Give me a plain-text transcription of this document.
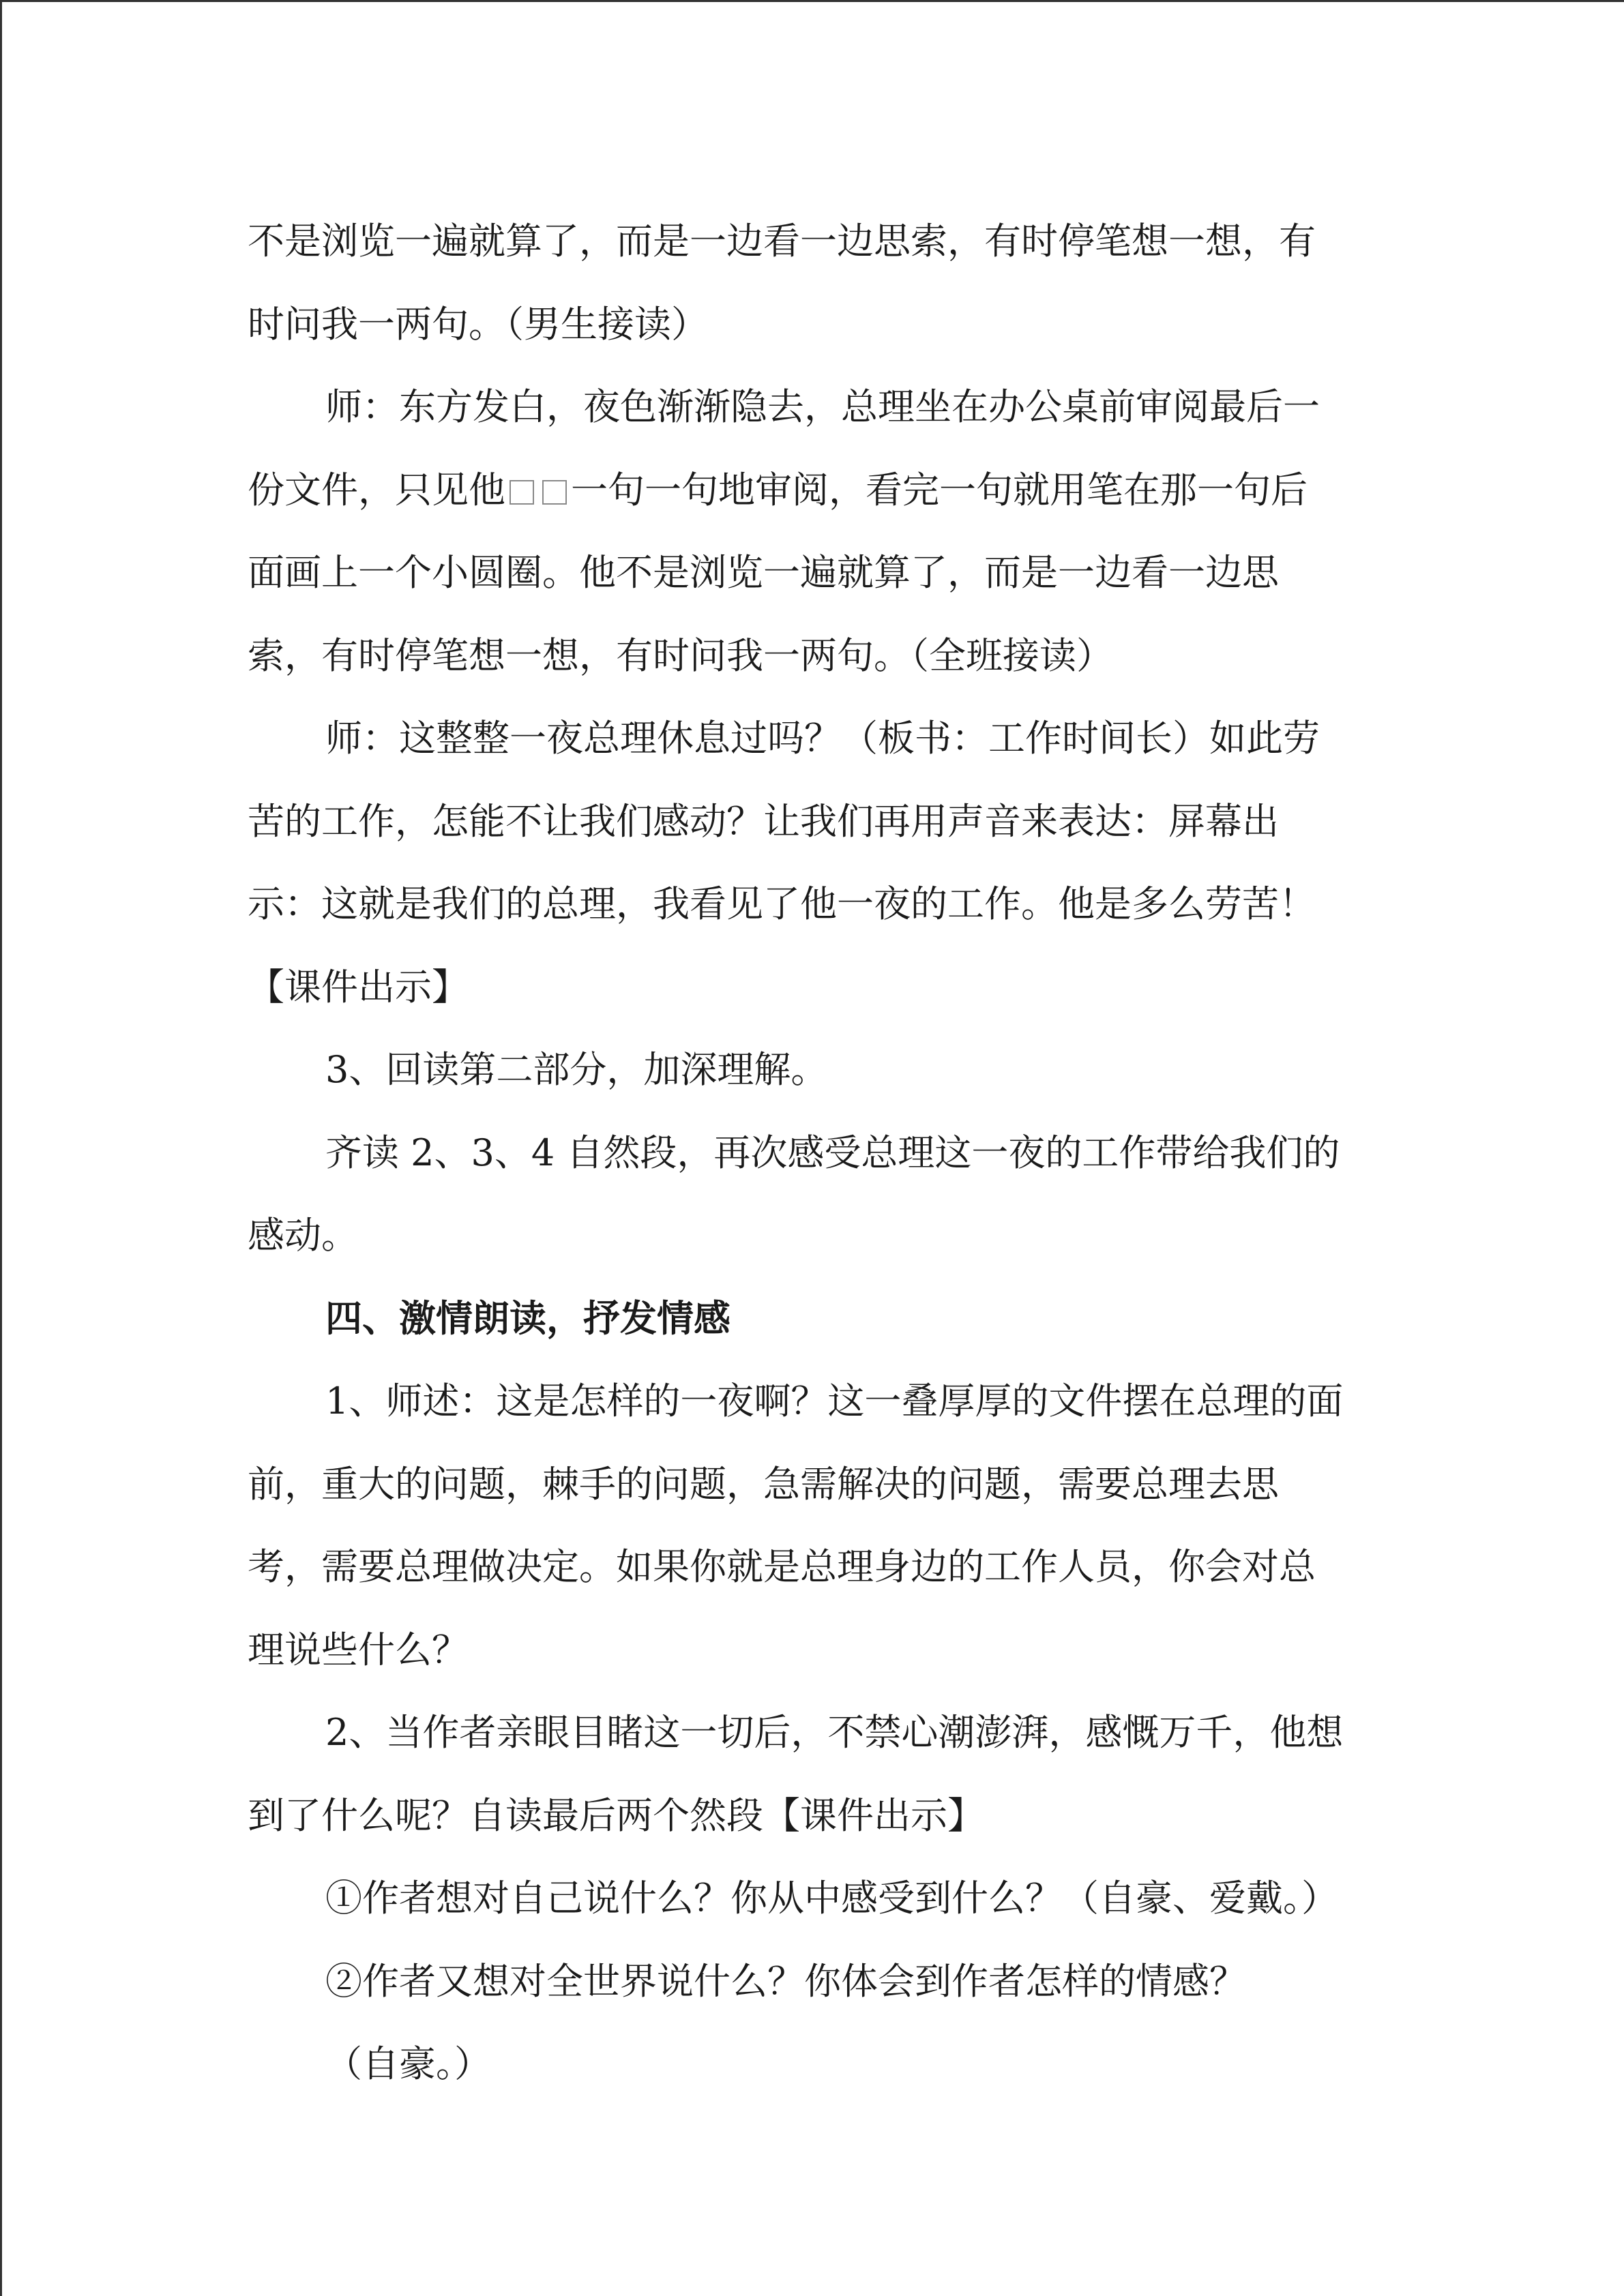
不是浏览一遍就算了，而是一边看一边思索，有时停笔想一想，有
时问我一两句。（男生接读）
师：东方发白，夜色渐渐隐去，总理坐在办公桌前审阅最后一
份文件，只见他 一句一句地审阅，看完一句就用笔在那一句后
面画上一个小圆圈。他不是浏览一遍就算了，而是一边看一边思
索，有时停笔想一想，有时问我一两句。（全班接读）
师：这整整一夜总理休息过吗？（板书：工作时间长）如此劳
苦的工作，怎能不让我们感动？让我们再用声音来表达：屏幕出
示：这就是我们的总理，我看见了他一夜的工作。他是多么劳苦！
【课件出示】
3、回读第二部分，加深理解。
齐读 2、3、4 自然段，再次感受总理这一夜的工作带给我们的
感动。
四、激情朗读，抒发情感
1、师述：这是怎样的一夜啊？这一叠厚厚的文件摆在总理的面
前，重大的问题，棘手的问题，急需解决的问题，需要总理去思
考，需要总理做决定。如果你就是总理身边的工作人员，你会对总
理说些什么？
2、当作者亲眼目睹这一切后，不禁心潮澎湃，感慨万千，他想
到了什么呢？自读最后两个然段【课件出示】
①作者想对自己说什么？你从中感受到什么？（自豪、爱戴。）
②作者又想对全世界说什么？你体会到作者怎样的情感？
（自豪。）
